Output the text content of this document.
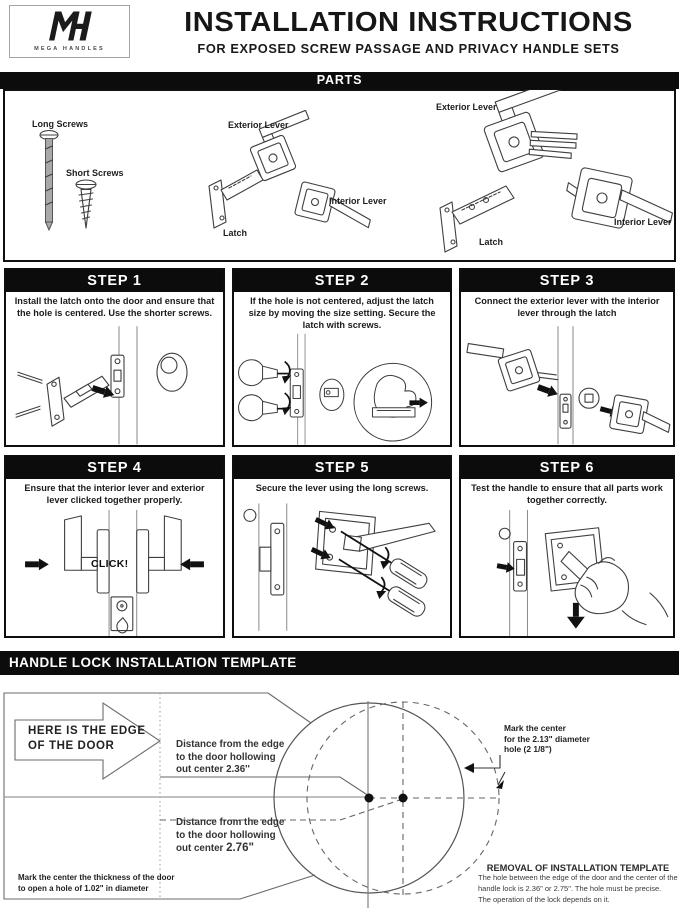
MEGA HANDLES
INSTALLATION INSTRUCTIONS
FOR EXPOSED SCREW PASSAGE AND PRIVACY HANDLE SETS
PARTS
Long Screws
Short Screws
Exterior Lever
Interior Lever
Latch
Exterior Lever
Latch
Interior Lever
STEP 1
Install the latch onto the door and ensure that the hole is centered. Use the shorter screws.
STEP 2
If the hole is not centered, adjust the latch size by moving the size setting. Secure the latch with screws.
STEP 3
Connect the exterior lever with the interior lever through the latch
STEP 4
Ensure that the interior lever and exterior lever clicked together properly.
CLICK!
STEP 5
Secure the lever using the long screws.
STEP 6
Test the handle to ensure that all parts work together correctly.
HANDLE LOCK INSTALLATION TEMPLATE
HERE IS THE EDGE
OF THE DOOR	Distance from the edge
to the door hollowing
out center 2.36''
Distance from the edge
to the door hollowing
out center 2.76"
Mark the center
for the 2.13" diameter
hole (2 1/8")
Mark the center the thickness of the door
to open a hole of 1.02" in diameter
REMOVAL OF INSTALLATION TEMPLATE
The hole between the edge of the door and the center of the
handle lock is 2.36" or 2.75". The hole must be precise.
The operation of the lock depends on it.
